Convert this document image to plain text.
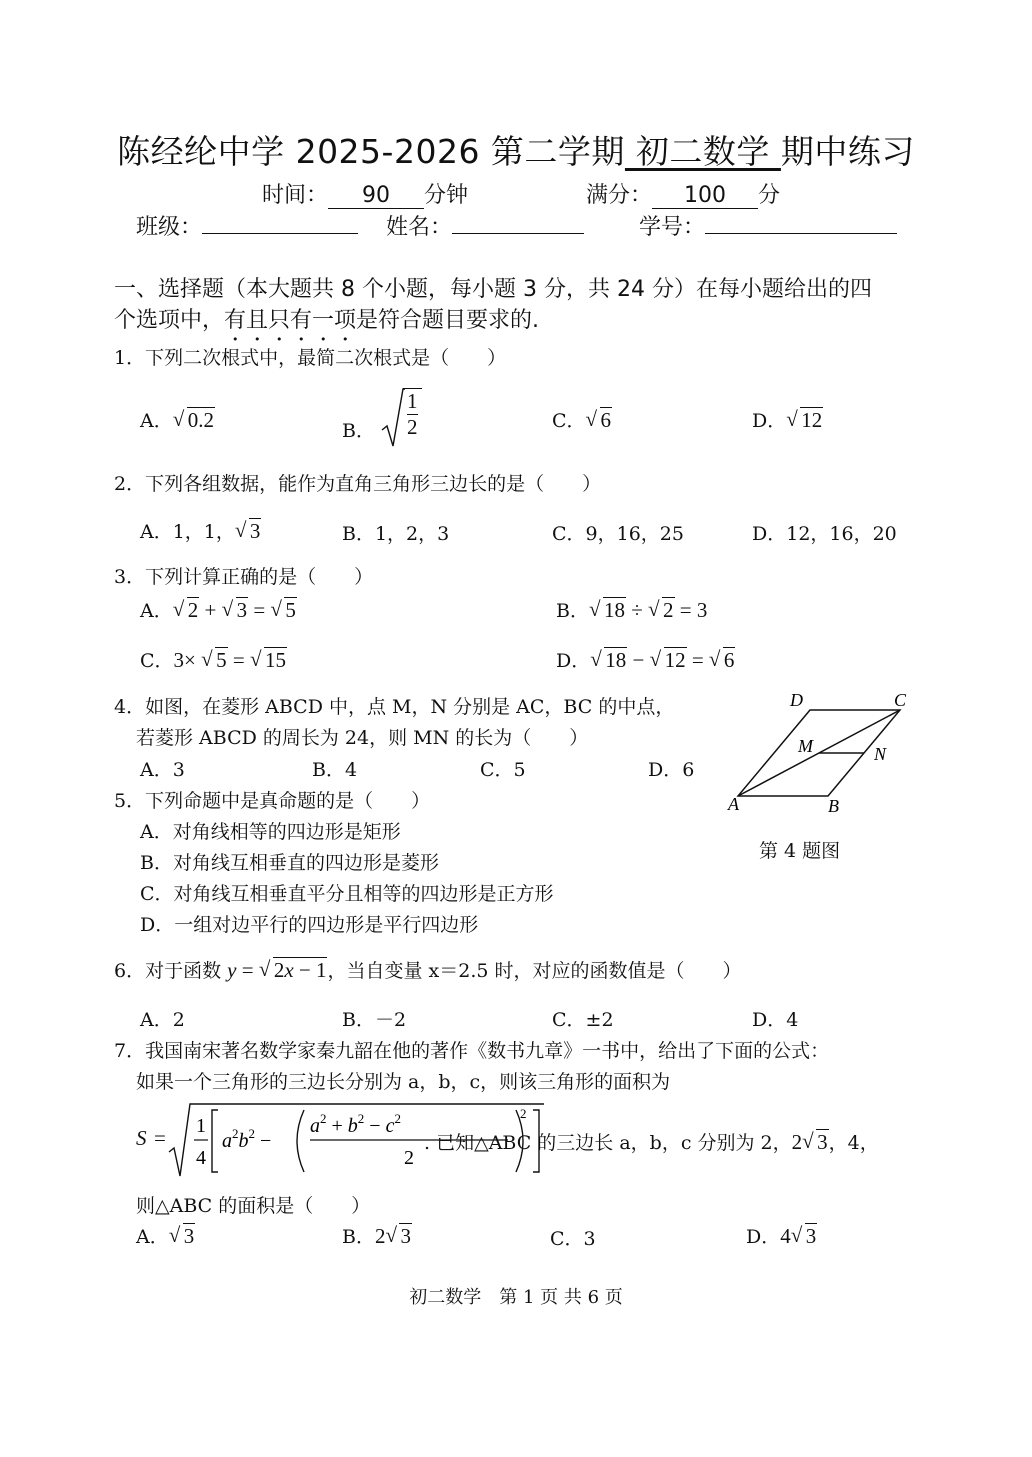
陈经纶中学 2025-2026 第二学期 初二数学 期中练习
时间： 90 分钟	满分： 100 分
班级：	姓名：	学号：
一、选择题（本大题共 8 个小题，每小题 3 分，共 24 分）在每小题给出的四
个选项中，有且只有一项是符合题目要求的.
1．下列二次根式中，最简二次根式是（　　）
A． √ 0.2	B． $\frac{1}{2}$	C． √ 6	D． √ 12
2．下列各组数据，能作为直角三角形三边长的是（　　）
A．1，1， √ 3	B．1，2，3	C．9，16，25	D．12，16，20
3．下列计算正确的是（　　）
A． √ 2 + √ 3 = √ 5	B． √ 18 ÷ √ 2 = 3
C．3× √ 5 = √ 15	D． √ 18 − √ 12 = √ 6
4．如图，在菱形 ABCD 中，点 M，N 分别是 AC，BC 的中点，
若菱形 ABCD 的周长为 24，则 MN 的长为（　　）
A．3	B．4	C．5	D．6
A	B
C
D
M	N
第 4 题图
5．下列命题中是真命题的是（　　）
A．对角线相等的四边形是矩形
B．对角线互相垂直的四边形是菱形
C．对角线互相垂直平分且相等的四边形是正方形
D．一组对边平行的四边形是平行四边形
6．对于函数 y = √ 2x − 1，当自变量 x＝2.5 时，对应的函数值是（　　）
A．2	B．－2	C．±2	D．4
7．我国南宋著名数学家秦九韶在他的著作《数书九章》一书中，给出了下面的公式：
如果一个三角形的三边长分别为 a，b，c，则该三角形的面积为
S = 1
4
$a^2b^2$ −
$a^2 + b^2 - c^2$
2
2
. 已知△ABC 的三边长 a，b，c 分别为 2，2 √ 3，4，
则△ABC 的面积是（　　）
A． √ 3	B．2 √ 3	C．3	D．4 √ 3
初二数学　第 1 页 共 6 页
